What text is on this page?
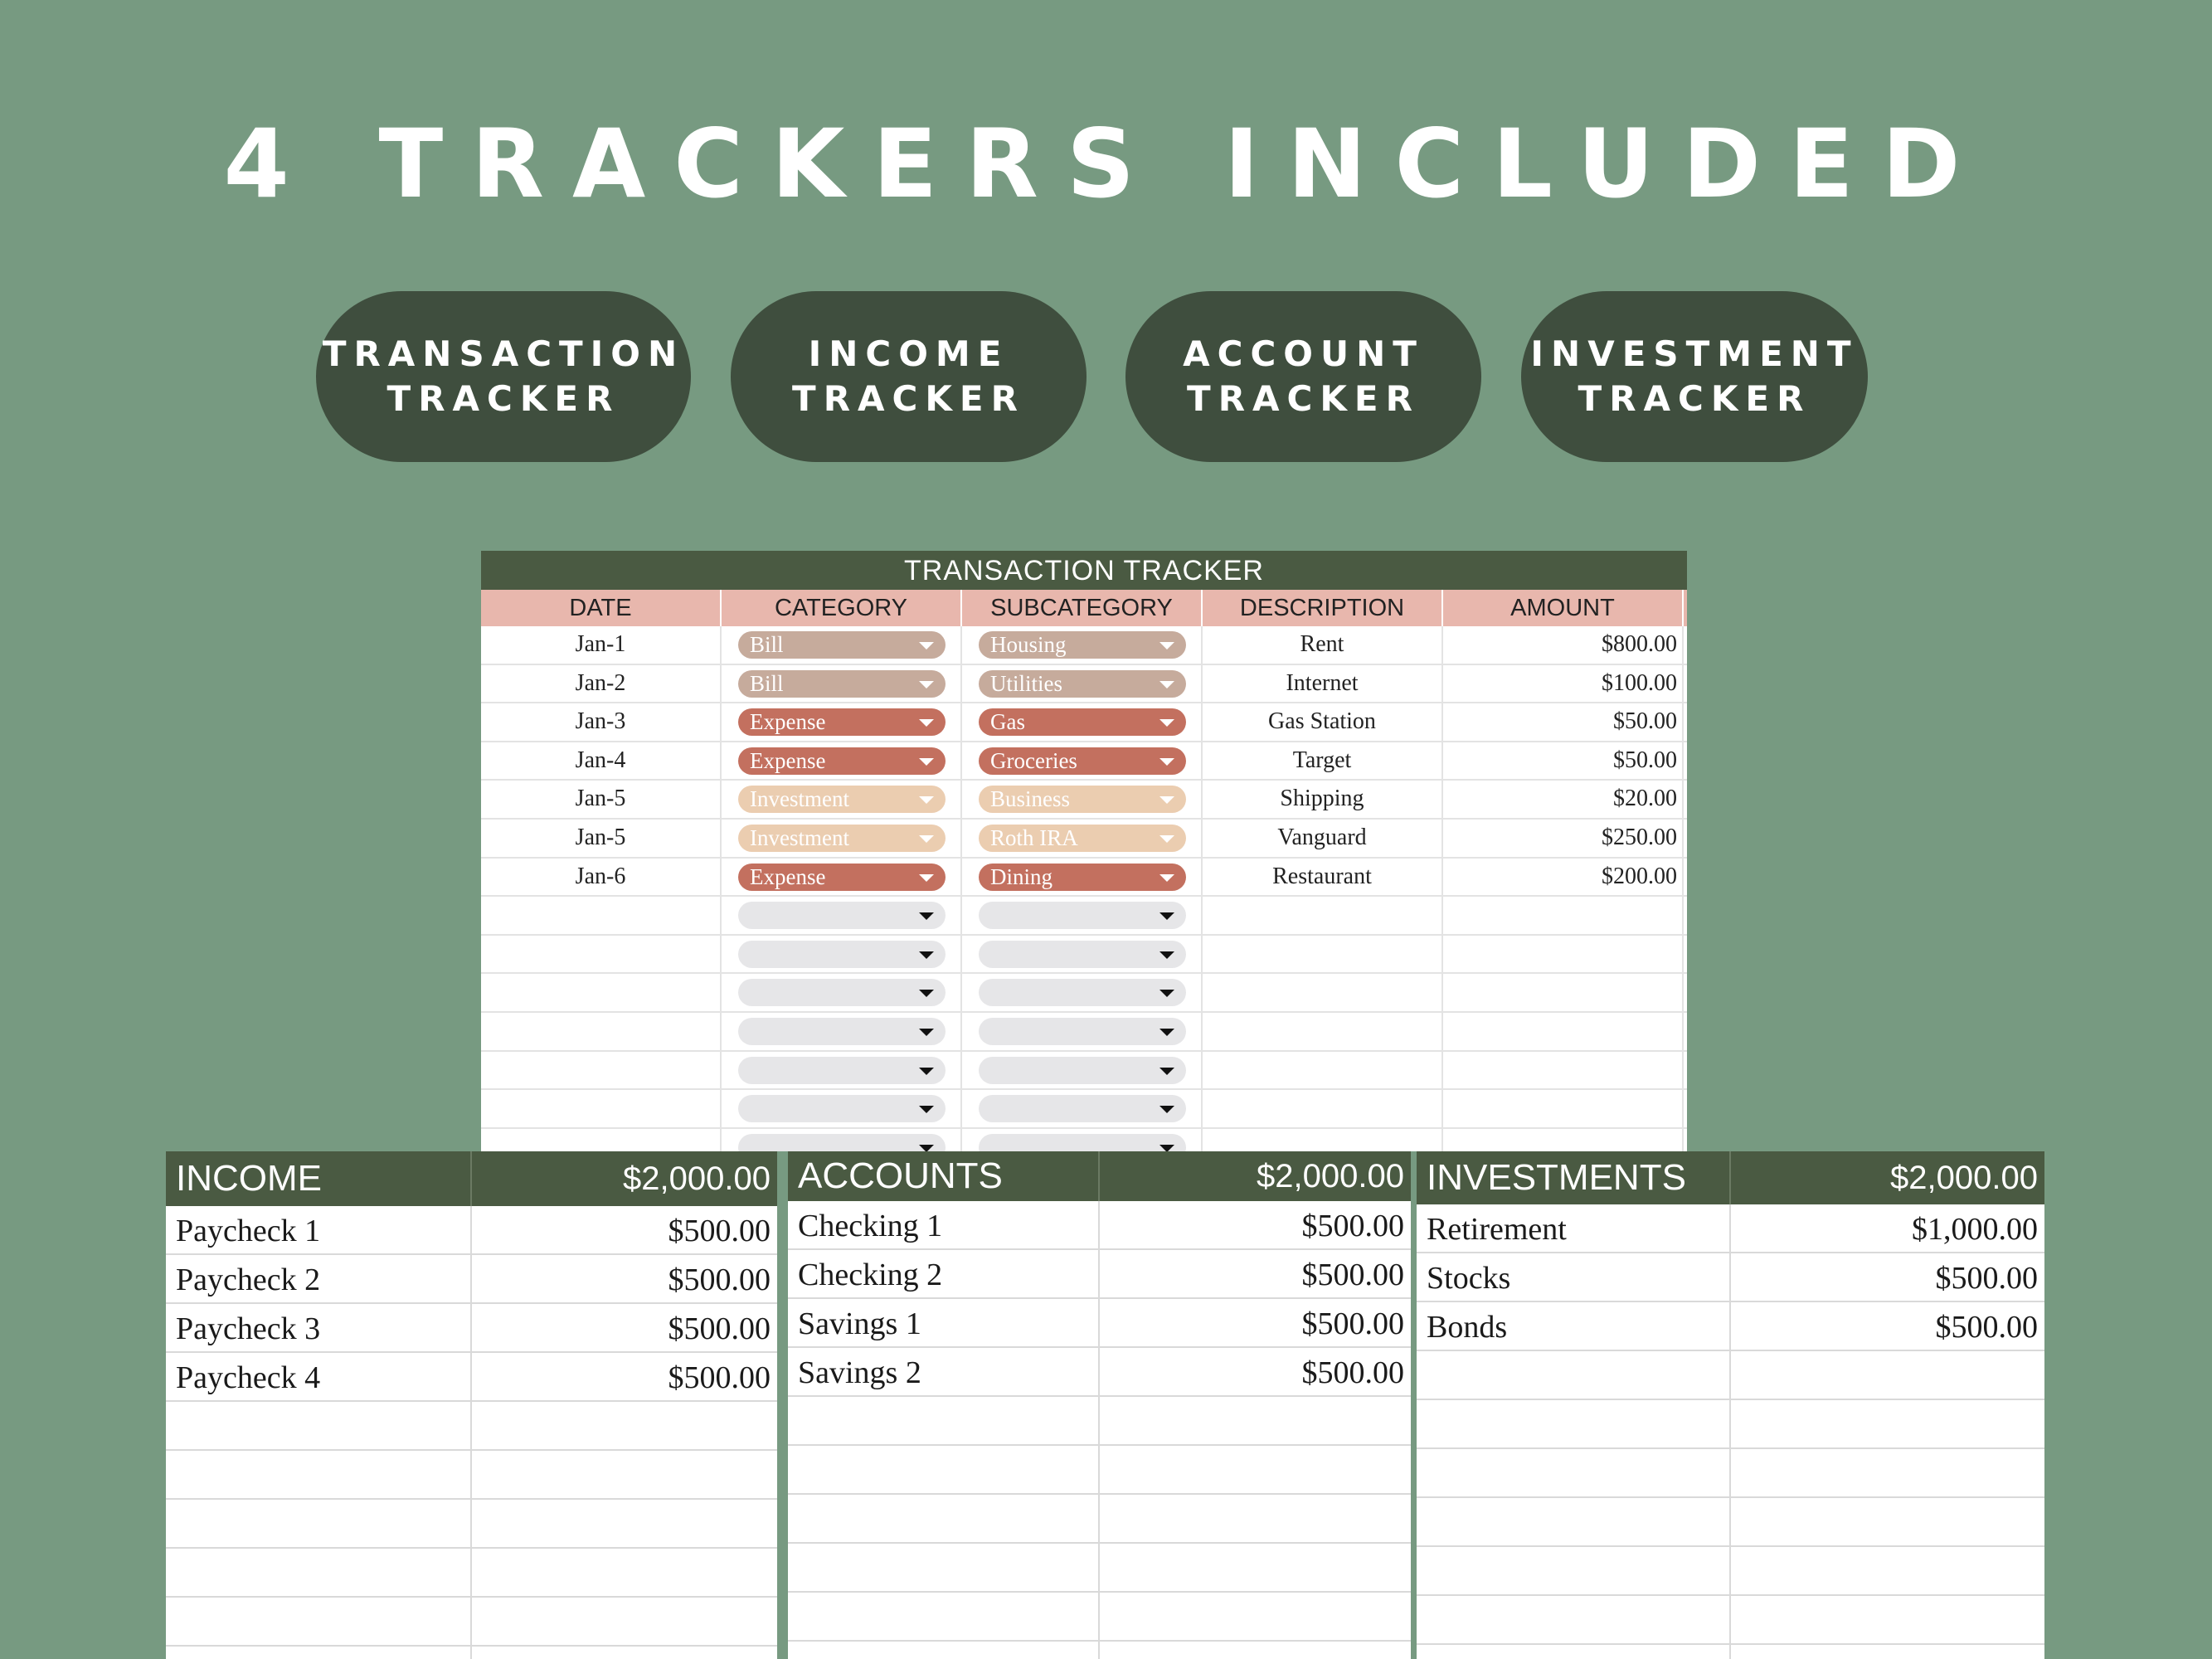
4 TRACKERS INCLUDED
TRANSACTION
TRACKER
INCOME
TRACKER
ACCOUNT
TRACKER
INVESTMENT
TRACKER
TRANSACTION TRACKER
DATE	CATEGORY	SUBCATEGORY	DESCRIPTION	AMOUNT
Jan-1	Bill	Housing	Rent	$800.00
Jan-2	Bill	Utilities	Internet	$100.00
Jan-3	Expense	Gas	Gas Station	$50.00
Jan-4	Expense	Groceries	Target	$50.00
Jan-5	Investment	Business	Shipping	$20.00
Jan-5	Investment	Roth IRA	Vanguard	$250.00
Jan-6	Expense	Dining	Restaurant	$200.00
INCOME	$2,000.00
Paycheck 1	$500.00
Paycheck 2	$500.00
Paycheck 3	$500.00
Paycheck 4	$500.00
ACCOUNTS	$2,000.00
Checking 1	$500.00
Checking 2	$500.00
Savings 1	$500.00
Savings 2	$500.00
INVESTMENTS	$2,000.00
Retirement	$1,000.00
Stocks	$500.00
Bonds	$500.00
